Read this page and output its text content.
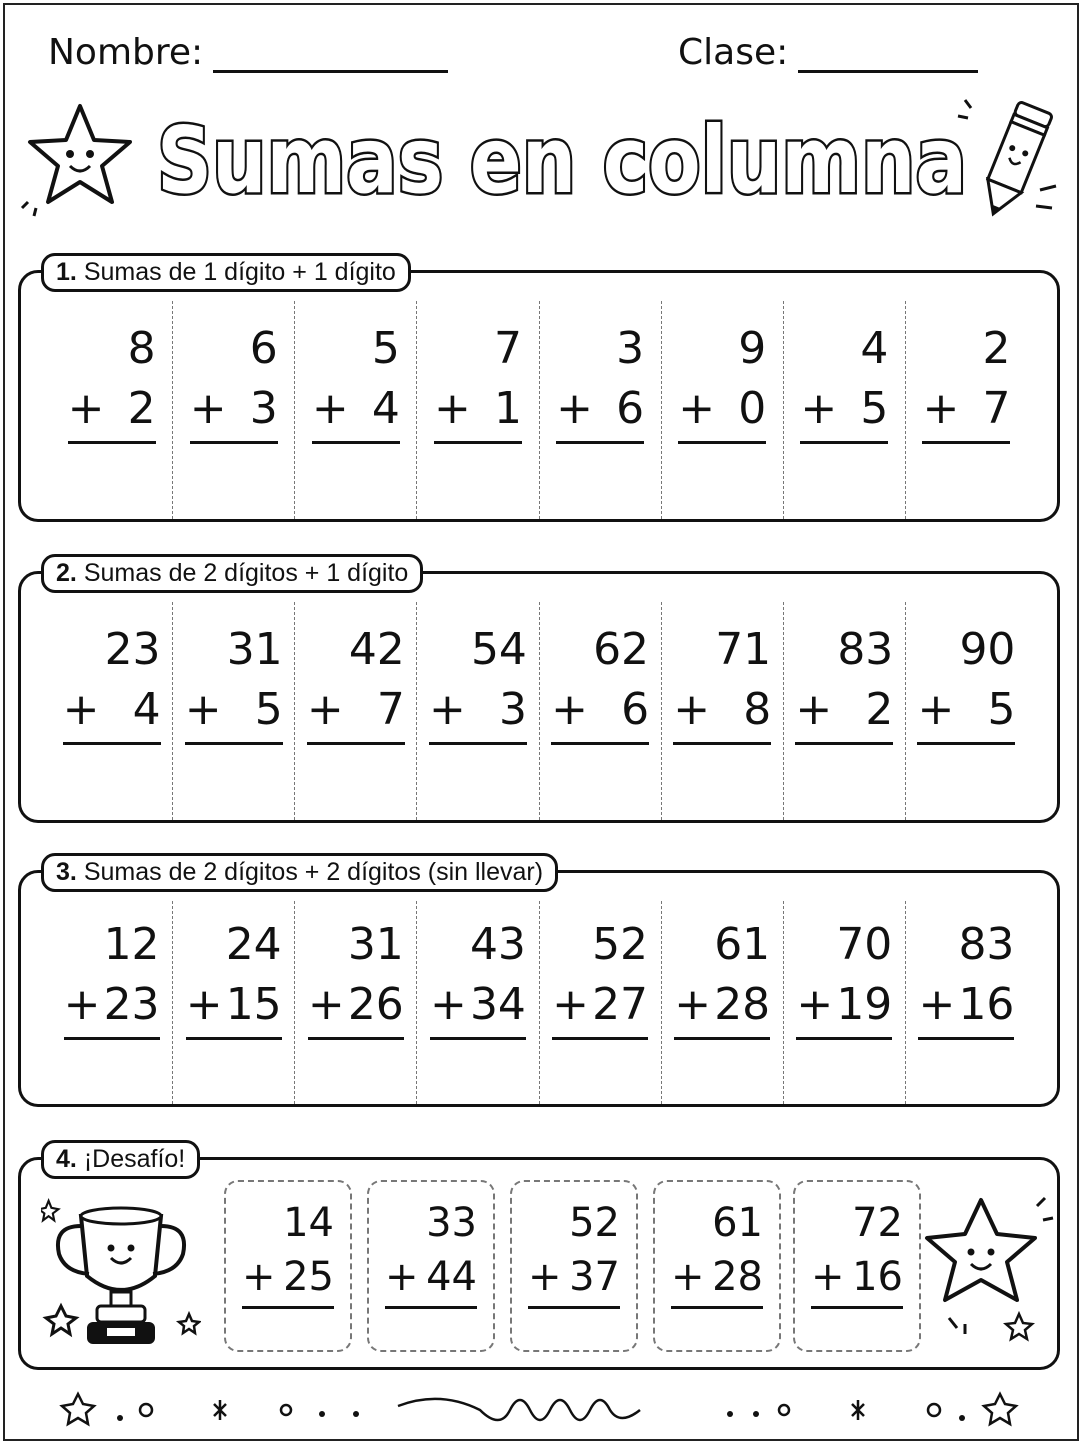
Nombre:	Clase:
Sumas en columna
1. Sumas de 1 dígito + 1 dígito
8
+ 2
6
+ 3
5
+ 4
7
+ 1
3
+ 6
9
+ 0
4
+ 5
2
+ 7
2. Sumas de 2 dígitos + 1 dígito
23
+ 4
31
+ 5
42
+ 7
54
+ 3
62
+ 6
71
+ 8
83
+ 2
90
+ 5
3. Sumas de 2 dígitos + 2 dígitos (sin llevar)
12
+ 23
24
+ 15
31
+ 26
43
+ 34
52
+ 27
61
+ 28
70
+ 19
83
+ 16
4. ¡Desafío!
14
+ 25
33
+ 44
52
+ 37
61
+ 28
72
+ 16
